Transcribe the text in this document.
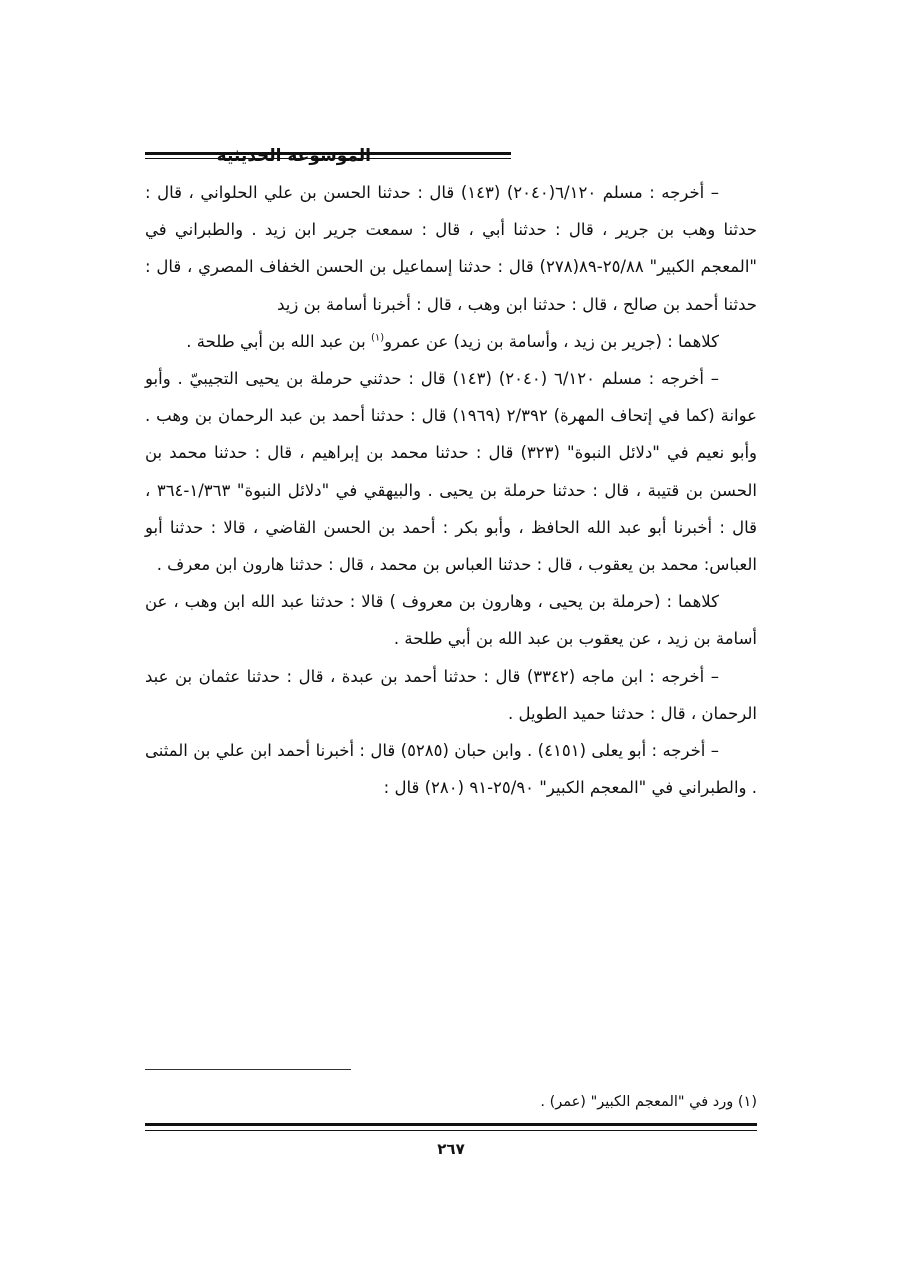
الموسوعة الحديثية

– أخرجه : مسلم ٦/١٢٠(٢٠٤٠) (١٤٣) قال : حدثنا الحسن بن علي الحلواني ، قال : حدثنا وهب بن جرير ، قال : حدثنا أبي ، قال : سمعت جرير ابن زيد . والطبراني في "المعجم الكبير" ٢٥/٨٨-٨٩(٢٧٨) قال : حدثنا إسماعيل بن الحسن الخفاف المصري ، قال : حدثنا أحمد بن صالح ، قال : حدثنا ابن وهب ، قال : أخبرنا أسامة بن زيد

كلاهما : (جرير بن زيد ، وأسامة بن زيد) عن عمرو$^{(١)}$ بن عبد الله بن أبي طلحة .

– أخرجه : مسلم ٦/١٢٠ (٢٠٤٠) (١٤٣) قال : حدثني حرملة بن يحيى التجيبيّ . وأبو عوانة (كما في إتحاف المهرة) ٢/٣٩٢ (١٩٦٩) قال : حدثنا أحمد بن عبد الرحمان بن وهب . وأبو نعيم في "دلائل النبوة" (٣٢٣) قال : حدثنا محمد بن إبراهيم ، قال : حدثنا محمد بن الحسن بن قتيبة ، قال : حدثنا حرملة بن يحيى . والبيهقي في "دلائل النبوة" ١/٣٦٣-٣٦٤ ، قال : أخبرنا أبو عبد الله الحافظ ، وأبو بكر : أحمد بن الحسن القاضي ، قالا : حدثنا أبو العباس: محمد بن يعقوب ، قال : حدثنا العباس بن محمد ، قال : حدثنا هارون ابن معرف .

كلاهما : (حرملة بن يحيى ، وهارون بن معروف ) قالا : حدثنا عبد الله ابن وهب ، عن أسامة بن زيد ، عن يعقوب بن عبد الله بن أبي طلحة .

– أخرجه : ابن ماجه (٣٣٤٢) قال : حدثنا أحمد بن عبدة ، قال : حدثنا عثمان بن عبد الرحمان ، قال : حدثنا حميد الطويل .

– أخرجه : أبو يعلى (٤١٥١) . وابن حبان (٥٢٨٥) قال : أخبرنا أحمد ابن علي بن المثنى . والطبراني في "المعجم الكبير" ٢٥/٩٠-٩١ (٢٨٠) قال :

(١) ورد في "المعجم الكبير" (عمر) .
٢٦٧
